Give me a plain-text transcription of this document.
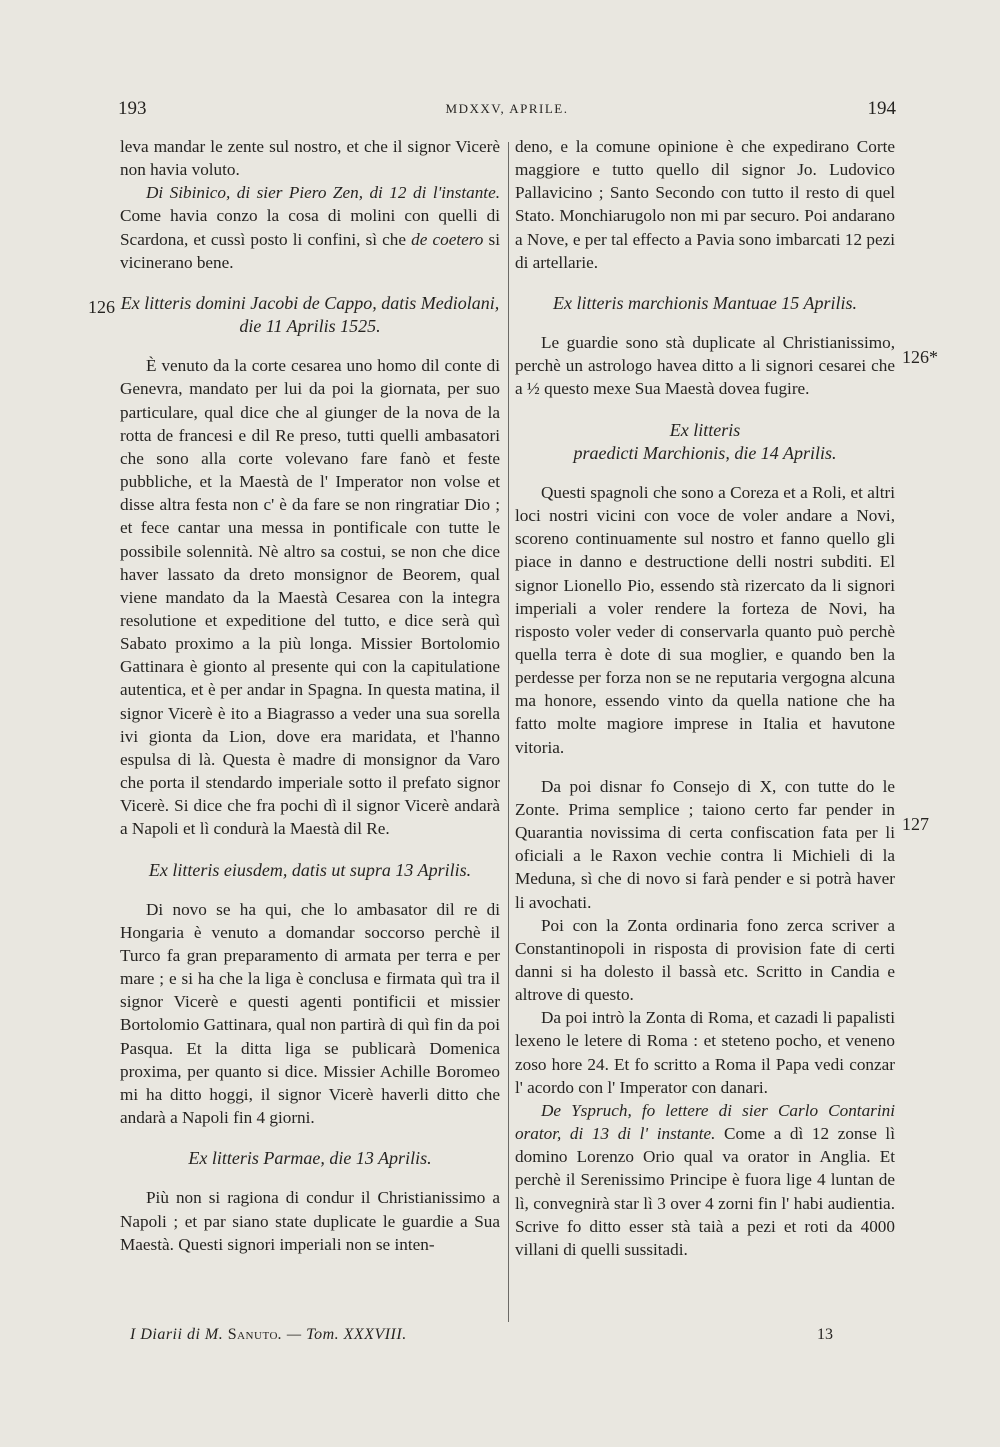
193	MDXXV, APRILE.	194
126
126*
127

leva mandar le zente sul nostro, et che il signor Vicerè non havia voluto.

Di Sibinico, di sier Piero Zen, di 12 di l'instante. Come havia conzo la cosa di molini con quelli di Scardona, et cussì posto li confini, sì che de coetero si vicinerano bene.

Ex litteris domini Jacobi de Cappo, datis Mediolani, die 11 Aprilis 1525.

È venuto da la corte cesarea uno homo dil conte di Genevra, mandato per lui da poi la giornata, per suo particulare, qual dice che al giunger de la nova de la rotta de francesi e dil Re preso, tutti quelli ambasatori che sono alla corte volevano fare fanò et feste pubbliche, et la Maestà de l' Imperator non volse et disse altra festa non c' è da fare se non ringratiar Dio ; et fece cantar una messa in pontificale con tutte le possibile solennità. Nè altro sa costui, se non che dice haver lassato da dreto monsignor de Beorem, qual viene mandato da la Maestà Cesarea con la integra resolutione et expeditione del tutto, e dice serà quì Sabato proximo a la più longa. Missier Bortolomio Gattinara è gionto al presente qui con la capitulatione autentica, et è per andar in Spagna. In questa matina, il signor Vicerè è ito a Biagrasso a veder una sua sorella ivi gionta da Lion, dove era maridata, et l'hanno espulsa di là. Questa è madre di monsignor da Varo che porta il stendardo imperiale sotto il prefato signor Vicerè. Si dice che fra pochi dì il signor Vicerè andarà a Napoli et lì condurà la Maestà dil Re.

Ex litteris eiusdem, datis ut supra 13 Aprilis.

Di novo se ha qui, che lo ambasator dil re di Hongaria è venuto a domandar soccorso perchè il Turco fa gran preparamento di armata per terra e per mare ; e si ha che la liga è conclusa e firmata quì tra il signor Vicerè e questi agenti pontificii et missier Bortolomio Gattinara, qual non partirà di quì fin da poi Pasqua. Et la ditta liga se publicarà Domenica proxima, per quanto si dice. Missier Achille Boromeo mi ha ditto hoggi, il signor Vicerè haverli ditto che andarà a Napoli fin 4 giorni.

Ex litteris Parmae, die 13 Aprilis.

Più non si ragiona di condur il Christianissimo a Napoli ; et par siano state duplicate le guardie a Sua Maestà. Questi signori imperiali non se inten-

deno, e la comune opinione è che expedirano Corte maggiore e tutto quello dil signor Jo. Ludovico Pallavicino ; Santo Secondo con tutto il resto di quel Stato. Monchiarugolo non mi par securo. Poi andarano a Nove, e per tal effecto a Pavia sono imbarcati 12 pezi di artellarie.

Ex litteris marchionis Mantuae 15 Aprilis.

Le guardie sono stà duplicate al Christianissimo, perchè un astrologo havea ditto a li signori cesarei che a ½ questo mexe Sua Maestà dovea fugire.

Ex litteris
praedicti Marchionis, die 14 Aprilis.

Questi spagnoli che sono a Coreza et a Roli, et altri loci nostri vicini con voce de voler andare a Novi, scoreno continuamente sul nostro et fanno quello gli piace in danno e destructione delli nostri subditi. El signor Lionello Pio, essendo stà rizercato da li signori imperiali a voler rendere la forteza de Novi, ha risposto voler veder di conservarla quanto può perchè quella terra è dote di sua moglier, e quando ben la perdesse per forza non se ne reputaria vergogna alcuna ma honore, essendo vinto da quella natione che ha fatto molte magiore imprese in Italia et havutone vitoria.

Da poi disnar fo Consejo di X, con tutte do le Zonte. Prima semplice ; taiono certo far pender in Quarantia novissima di certa confiscation fata per li oficiali a le Raxon vechie contra li Michieli di la Meduna, sì che di novo si farà pender e si potrà haver li avochati.

Poi con la Zonta ordinaria fono zerca scriver a Constantinopoli in risposta di provision fate di certi danni si ha dolesto il bassà etc. Scritto in Candia e altrove di questo.

Da poi intrò la Zonta di Roma, et cazadi li papalisti lexeno le letere di Roma : et steteno pocho, et veneno zoso hore 24. Et fo scritto a Roma il Papa vedi conzar l' acordo con l' Imperator con danari.

De Yspruch, fo lettere di sier Carlo Contarini orator, di 13 di l' instante. Come a dì 12 zonse lì domino Lorenzo Orio qual va orator in Anglia. Et perchè il Serenissimo Principe è fuora lige 4 luntan de lì, convegnirà star lì 3 over 4 zorni fin l' habi audientia. Scrive fo ditto esser stà taià a pezi et roti da 4000 villani di quelli sussitadi.

I Diarii di M. Sanuto. — Tom. XXXVIII.	13
